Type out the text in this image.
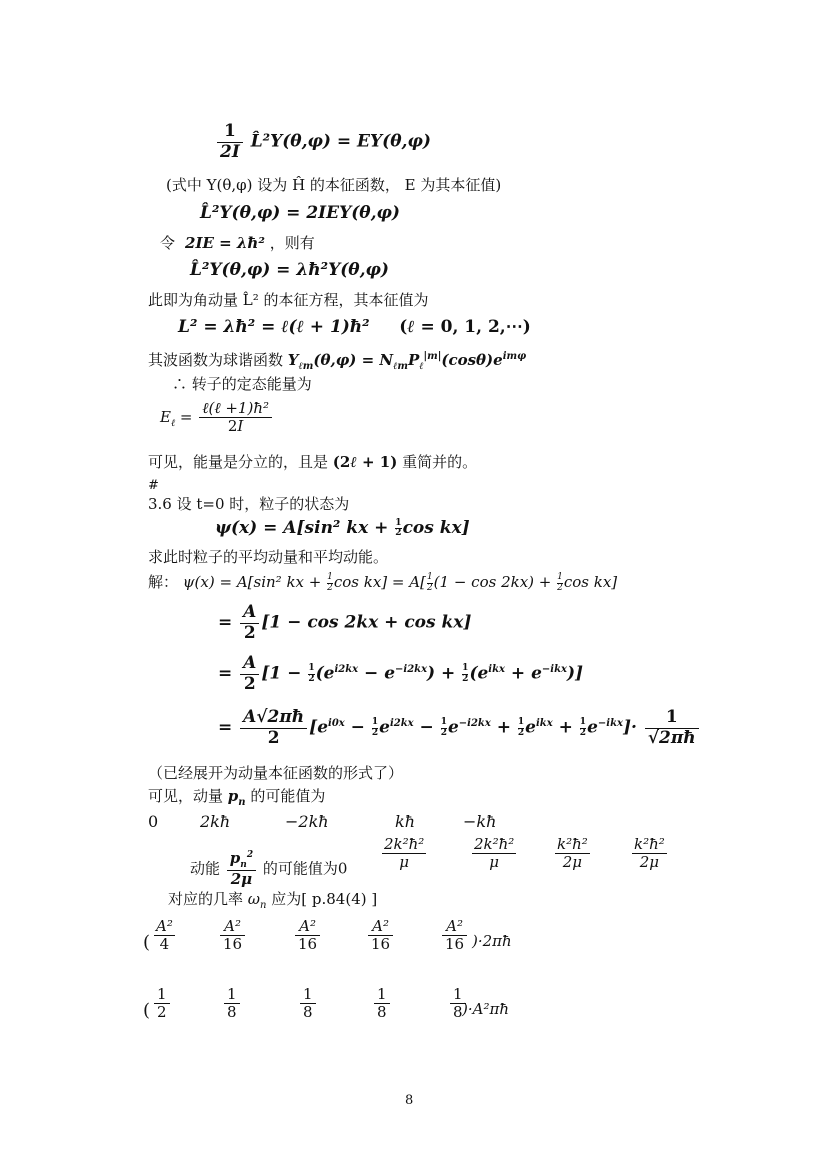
$\frac{1}{2I}$ L̂²Y(θ,φ) = EY(θ,φ)
(式中 Y(θ,φ) 设为 Ĥ 的本征函数， E 为其本征值)
L̂²Y(θ,φ) = 2IEY(θ,φ)
令  2IE = λħ² ，则有
L̂²Y(θ,φ) = λħ²Y(θ,φ)
此即为角动量 L̂² 的本征方程，其本征值为
L² = λħ² = ℓ(ℓ + 1)ħ²     (ℓ = 0, 1, 2,⋯)
其波函数为球谐函数 $Y_{\ell m}(\theta,\varphi) = N_{\ell m}P_\ell^{|m|}(\cos\theta)e^{im\varphi}$
∴ 转子的定态能量为
$E_\ell = \frac{\text{ℓ(ℓ +1)ħ²}}{2I}$
可见，能量是分立的，且是 (2ℓ + 1) 重简并的。
#
3.6 设 t=0 时，粒子的状态为
ψ(x) = A[sin² kx + $\frac{1}{2}$ cos kx]
求此时粒子的平均动量和平均动能。
解： ψ(x) = A[sin² kx + $\frac{1}{2}$ $\cos kx] = A[ \frac{1}{2} (1 - \cos 2kx) + \frac{1}{2}$ cos kx]
= $\frac{A}{2} [1 - \cos 2kx + \cos kx]$
= $\frac{A}{2} [1 - \frac{1}{2} (e^{i2kx} - e^{-i2kx}) + \frac{1}{2} (e^{ikx} + e^{-ikx})]$
= $\frac{A√2\pi ħ}{2} [e^{i0x} - \frac{1}{2} e^{i2kx} - \frac{1}{2} e^{-i2kx} + \frac{1}{2} e^{ikx} + \frac{1}{2} e^{-ikx}]\cdot \frac{1}{√2\pi ħ}$
（已经展开为动量本征函数的形式了）
可见，动量 $p_n$ 的可能值为
0	2kħ	−2kħ	kħ	−kħ
动能 $\frac{p_n^2}{2\mu}$ 的可能值为$0 \frac{\text{2k²ħ²}}{\mu}$	$\frac{\text{2k²ħ²}}{\mu}$	$\frac{\text{k²ħ²}}{2\mu}$	$\frac{\text{k²ħ²}}{2\mu}$
对应的几率 $\omega_n$ 应为[ p.84(4) ]
( $\frac{\text{A²}}{4}$	$\frac{\text{A²}}{16}$	$\frac{\text{A²}}{16}$	$\frac{\text{A²}}{16}$	$\frac{\text{A²}}{16}$ )·2πħ
( $\frac{1}{2}$	$\frac{1}{8}$	$\frac{1}{8}$	$\frac{1}{8}$	$\frac{1}{8}$
)·A²πħ
8
